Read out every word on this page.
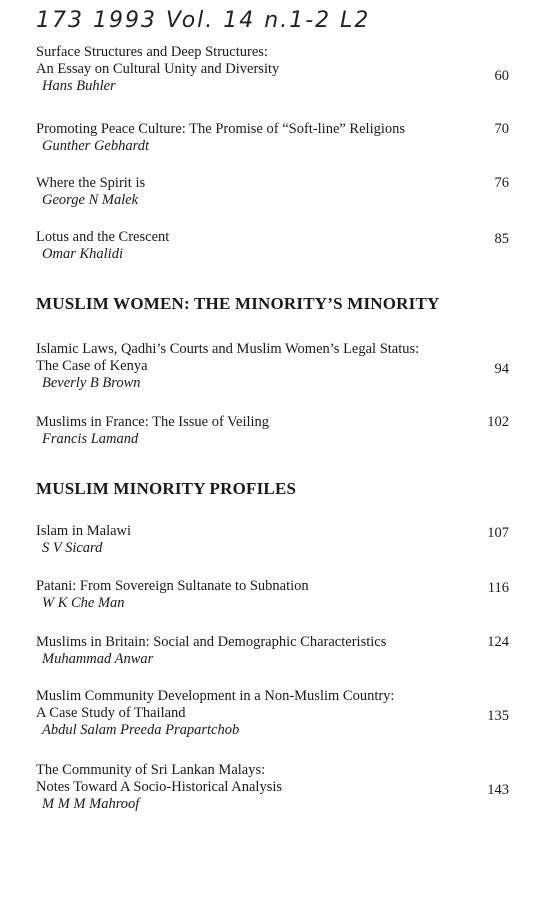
173 1993 Vol. 14 n.1-2 L2
Surface Structures and Deep Structures:
An Essay on Cultural Unity and Diversity
Hans Buhler
60
Promoting Peace Culture: The Promise of “Soft-line” Religions
Gunther Gebhardt
70
Where the Spirit is
George N Malek
76
Lotus and the Crescent
Omar Khalidi
85
MUSLIM WOMEN: THE MINORITY’S MINORITY
Islamic Laws, Qadhi’s Courts and Muslim Women’s Legal Status:
The Case of Kenya
Beverly B Brown
94
Muslims in France: The Issue of Veiling
Francis Lamand
102
MUSLIM MINORITY PROFILES
Islam in Malawi
S V Sicard
107
Patani: From Sovereign Sultanate to Subnation
W K Che Man
116
Muslims in Britain: Social and Demographic Characteristics
Muhammad Anwar
124
Muslim Community Development in a Non-Muslim Country:
A Case Study of Thailand
Abdul Salam Preeda Prapartchob
135
The Community of Sri Lankan Malays:
Notes Toward A Socio-Historical Analysis
M M M Mahroof
143
